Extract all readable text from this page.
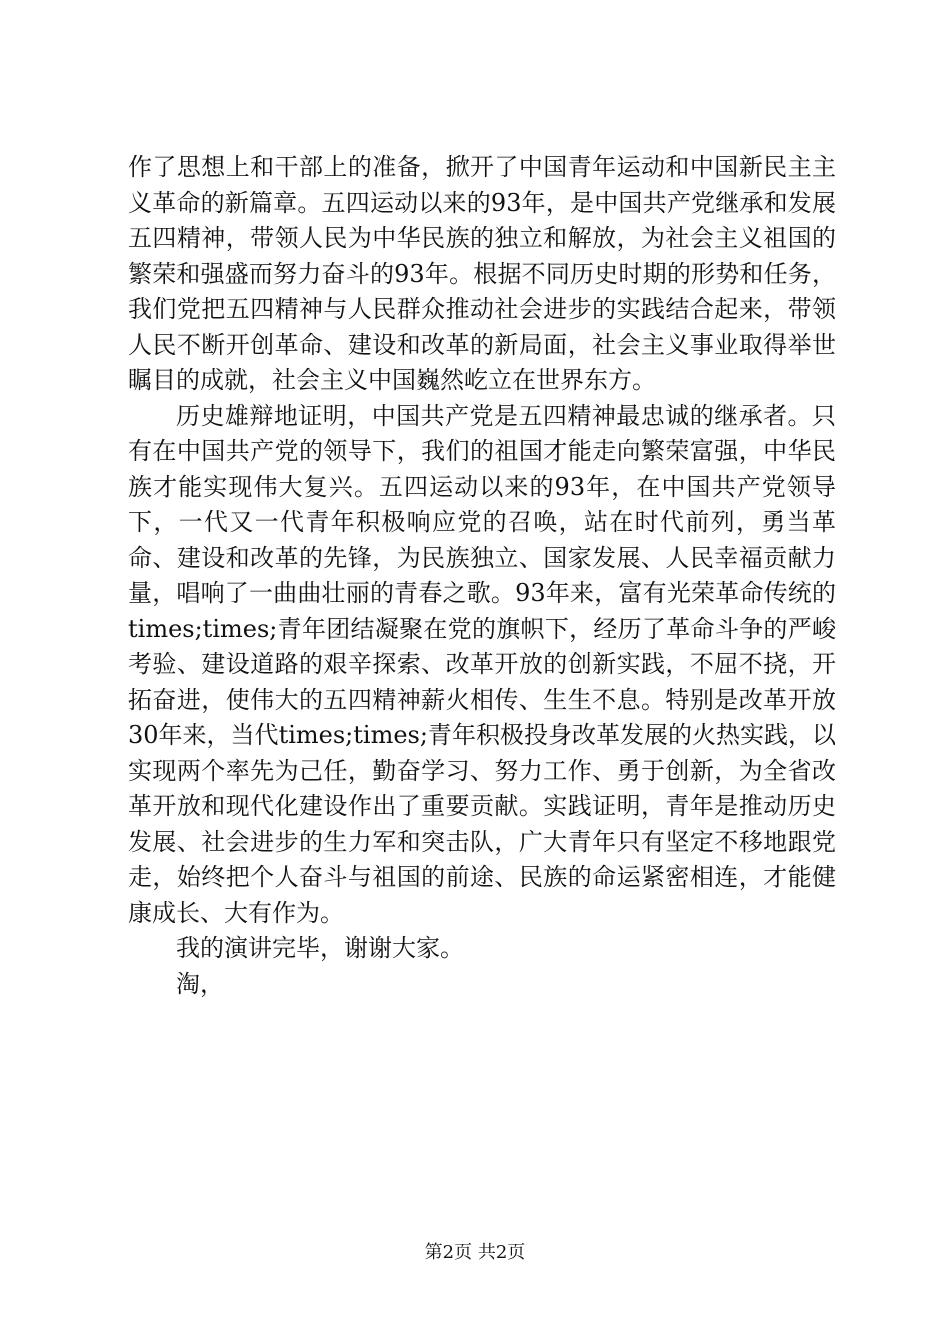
作了思想上和干部上的准备，掀开了中国青年运动和中国新民主主义革命的新篇章。五四运动以来的93年，是中国共产党继承和发展五四精神，带领人民为中华民族的独立和解放，为社会主义祖国的繁荣和强盛而努力奋斗的93年。根据不同历史时期的形势和任务，我们党把五四精神与人民群众推动社会进步的实践结合起来，带领人民不断开创革命、建设和改革的新局面，社会主义事业取得举世瞩目的成就，社会主义中国巍然屹立在世界东方。

历史雄辩地证明，中国共产党是五四精神最忠诚的继承者。只有在中国共产党的领导下，我们的祖国才能走向繁荣富强，中华民族才能实现伟大复兴。五四运动以来的93年，在中国共产党领导下，一代又一代青年积极响应党的召唤，站在时代前列，勇当革命、建设和改革的先锋，为民族独立、国家发展、人民幸福贡献力量，唱响了一曲曲壮丽的青春之歌。93年来，富有光荣革命传统的times;times;青年团结凝聚在党的旗帜下，经历了革命斗争的严峻考验、建设道路的艰辛探索、改革开放的创新实践，不屈不挠，开拓奋进，使伟大的五四精神薪火相传、生生不息。特别是改革开放30年来，当代times;times;青年积极投身改革发展的火热实践，以实现两个率先为己任，勤奋学习、努力工作、勇于创新，为全省改革开放和现代化建设作出了重要贡献。实践证明，青年是推动历史发展、社会进步的生力军和突击队，广大青年只有坚定不移地跟党走，始终把个人奋斗与祖国的前途、民族的命运紧密相连，才能健康成长、大有作为。

我的演讲完毕，谢谢大家。

淘，

第2页 共2页
